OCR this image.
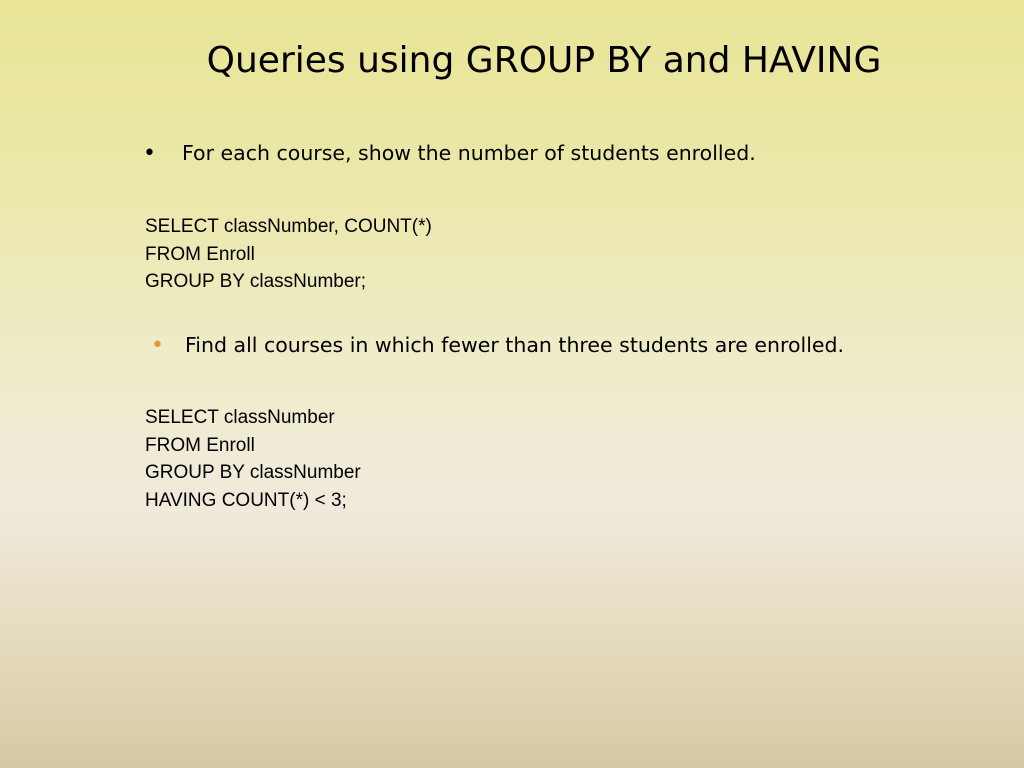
Queries using GROUP BY and HAVING
• For each course, show the number of students enrolled.
SELECT classNumber, COUNT(*)
FROM Enroll
GROUP BY classNumber;
• Find all courses in which fewer than three students are enrolled.
SELECT classNumber
FROM Enroll
GROUP BY classNumber
HAVING COUNT(*) < 3;
